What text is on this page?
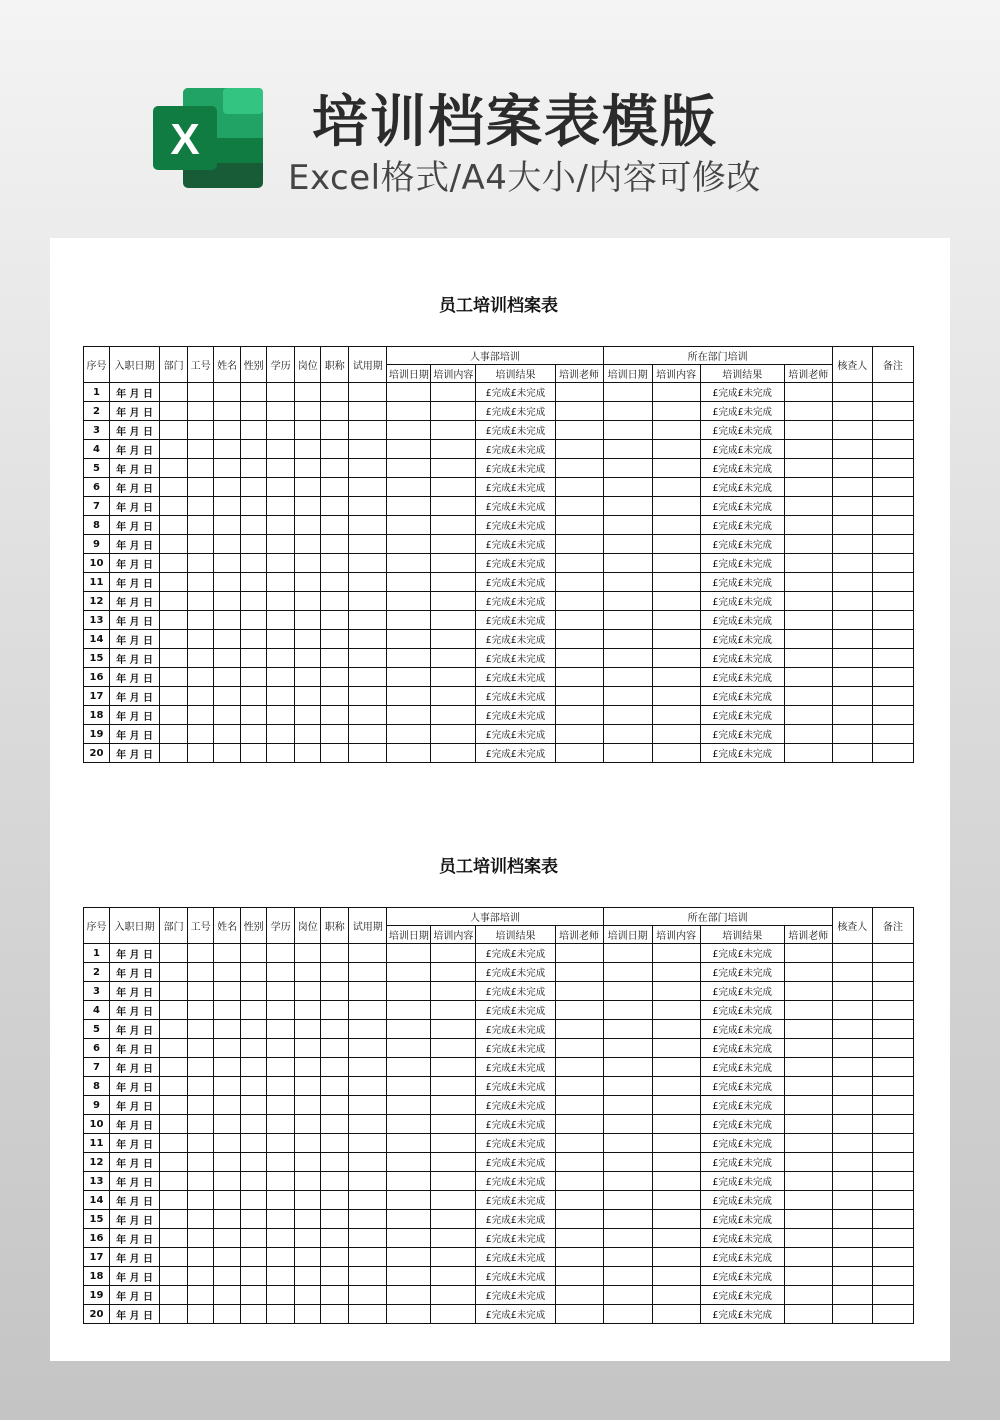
X	培训档案表模版
Excel格式/A4大小/内容可修改
员工培训档案表
序号	入职日期	部门	工号	姓名	性别	学历	岗位	职称	试用期	人事部培训				所在部门培训				核查人	备注
										培训日期	培训内容	培训结果	培训老师	培训日期	培训内容	培训结果	培训老师		
1	年 月 日											£完成£未完成				£完成£未完成			
2	年 月 日											£完成£未完成				£完成£未完成			
3	年 月 日											£完成£未完成				£完成£未完成			
4	年 月 日											£完成£未完成				£完成£未完成			
5	年 月 日											£完成£未完成				£完成£未完成			
6	年 月 日											£完成£未完成				£完成£未完成			
7	年 月 日											£完成£未完成				£完成£未完成			
8	年 月 日											£完成£未完成				£完成£未完成			
9	年 月 日											£完成£未完成				£完成£未完成			
10	年 月 日											£完成£未完成				£完成£未完成			
11	年 月 日											£完成£未完成				£完成£未完成			
12	年 月 日											£完成£未完成				£完成£未完成			
13	年 月 日											£完成£未完成				£完成£未完成			
14	年 月 日											£完成£未完成				£完成£未完成			
15	年 月 日											£完成£未完成				£完成£未完成			
16	年 月 日											£完成£未完成				£完成£未完成			
17	年 月 日											£完成£未完成				£完成£未完成			
18	年 月 日											£完成£未完成				£完成£未完成			
19	年 月 日											£完成£未完成				£完成£未完成			
20	年 月 日											£完成£未完成				£完成£未完成			
员工培训档案表
序号	入职日期	部门	工号	姓名	性别	学历	岗位	职称	试用期	人事部培训				所在部门培训				核查人	备注
										培训日期	培训内容	培训结果	培训老师	培训日期	培训内容	培训结果	培训老师		
1	年 月 日											£完成£未完成				£完成£未完成			
2	年 月 日											£完成£未完成				£完成£未完成			
3	年 月 日											£完成£未完成				£完成£未完成			
4	年 月 日											£完成£未完成				£完成£未完成			
5	年 月 日											£完成£未完成				£完成£未完成			
6	年 月 日											£完成£未完成				£完成£未完成			
7	年 月 日											£完成£未完成				£完成£未完成			
8	年 月 日											£完成£未完成				£完成£未完成			
9	年 月 日											£完成£未完成				£完成£未完成			
10	年 月 日											£完成£未完成				£完成£未完成			
11	年 月 日											£完成£未完成				£完成£未完成			
12	年 月 日											£完成£未完成				£完成£未完成			
13	年 月 日											£完成£未完成				£完成£未完成			
14	年 月 日											£完成£未完成				£完成£未完成			
15	年 月 日											£完成£未完成				£完成£未完成			
16	年 月 日											£完成£未完成				£完成£未完成			
17	年 月 日											£完成£未完成				£完成£未完成			
18	年 月 日											£完成£未完成				£完成£未完成			
19	年 月 日											£完成£未完成				£完成£未完成			
20	年 月 日											£完成£未完成				£完成£未完成			
